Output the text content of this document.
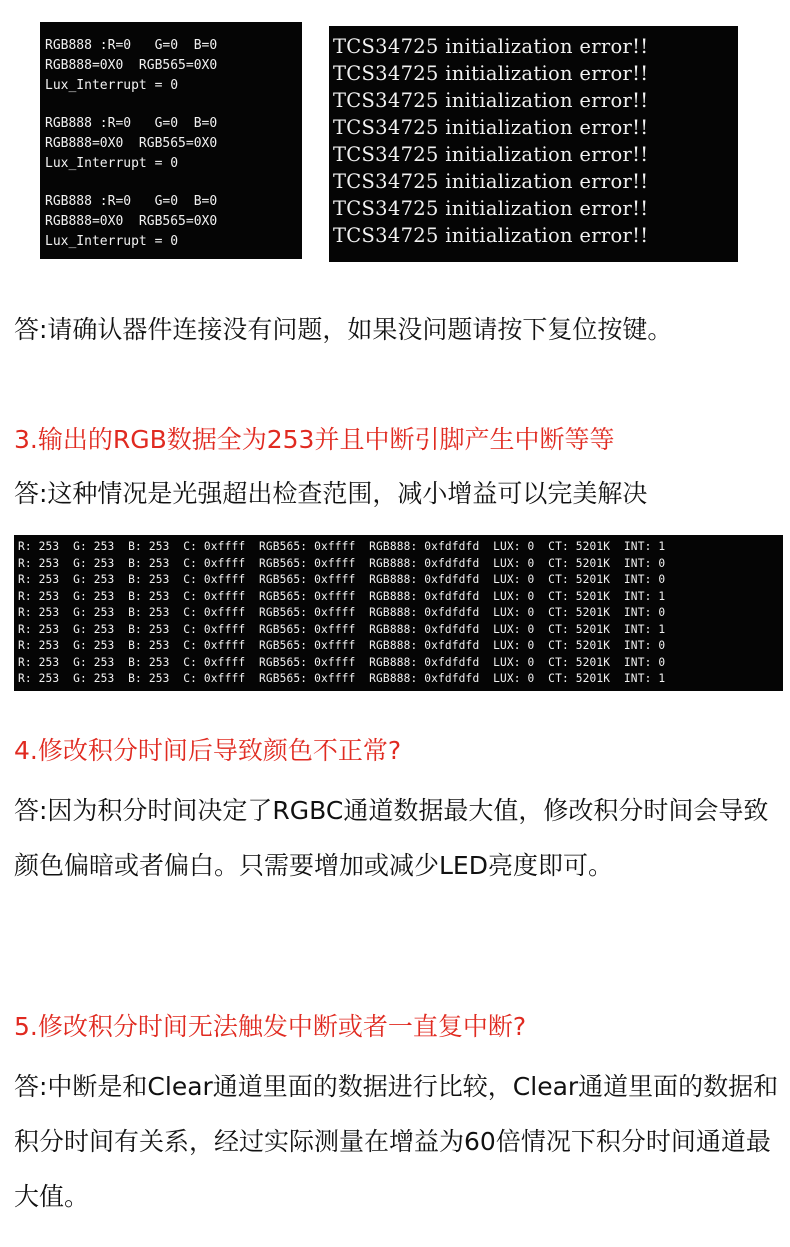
RGB888 :R=0   G=0  B=0
RGB888=0X0  RGB565=0X0
Lux_Interrupt = 0
RGB888 :R=0   G=0  B=0
RGB888=0X0  RGB565=0X0
Lux_Interrupt = 0
RGB888 :R=0   G=0  B=0
RGB888=0X0  RGB565=0X0
Lux_Interrupt = 0
TCS34725 initialization error!!
TCS34725 initialization error!!
TCS34725 initialization error!!
TCS34725 initialization error!!
TCS34725 initialization error!!
TCS34725 initialization error!!
TCS34725 initialization error!!
TCS34725 initialization error!!

答:请确认器件连接没有问题，如果没问题请按下复位按键。

3.输出的RGB数据全为253并且中断引脚产生中断等等

答:这种情况是光强超出检查范围，减小增益可以完美解决

R: 253  G: 253  B: 253  C: 0xffff  RGB565: 0xffff  RGB888: 0xfdfdfd  LUX: 0  CT: 5201K  INT: 1
R: 253  G: 253  B: 253  C: 0xffff  RGB565: 0xffff  RGB888: 0xfdfdfd  LUX: 0  CT: 5201K  INT: 0
R: 253  G: 253  B: 253  C: 0xffff  RGB565: 0xffff  RGB888: 0xfdfdfd  LUX: 0  CT: 5201K  INT: 0
R: 253  G: 253  B: 253  C: 0xffff  RGB565: 0xffff  RGB888: 0xfdfdfd  LUX: 0  CT: 5201K  INT: 1
R: 253  G: 253  B: 253  C: 0xffff  RGB565: 0xffff  RGB888: 0xfdfdfd  LUX: 0  CT: 5201K  INT: 0
R: 253  G: 253  B: 253  C: 0xffff  RGB565: 0xffff  RGB888: 0xfdfdfd  LUX: 0  CT: 5201K  INT: 1
R: 253  G: 253  B: 253  C: 0xffff  RGB565: 0xffff  RGB888: 0xfdfdfd  LUX: 0  CT: 5201K  INT: 0
R: 253  G: 253  B: 253  C: 0xffff  RGB565: 0xffff  RGB888: 0xfdfdfd  LUX: 0  CT: 5201K  INT: 0
R: 253  G: 253  B: 253  C: 0xffff  RGB565: 0xffff  RGB888: 0xfdfdfd  LUX: 0  CT: 5201K  INT: 1

4.修改积分时间后导致颜色不正常?

答:因为积分时间决定了RGBC通道数据最大值，修改积分时间会导致颜色偏暗或者偏白。只需要增加或减少LED亮度即可。

5.修改积分时间无法触发中断或者一直复中断?

答:中断是和Clear通道里面的数据进行比较，Clear通道里面的数据和积分时间有关系，经过实际测量在增益为60倍情况下积分时间通道最大值。
